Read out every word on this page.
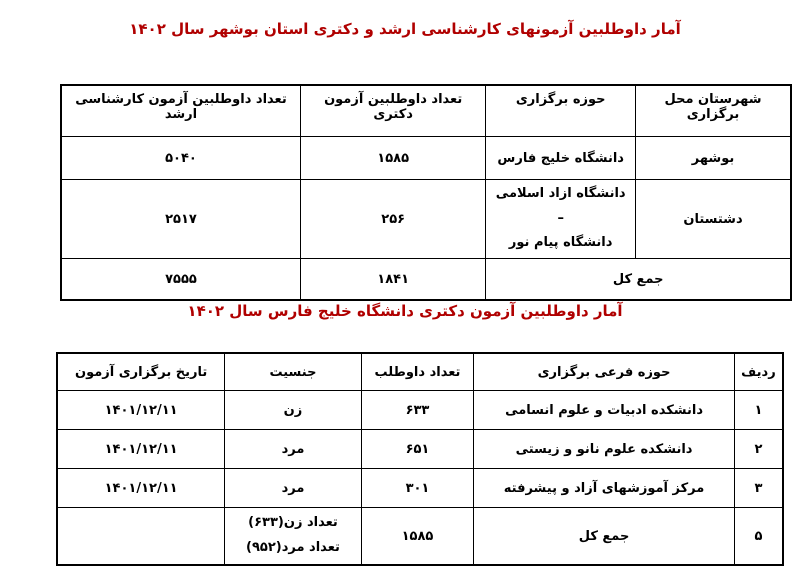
آمار داوطلبین آزمونهای کارشناسی ارشد و دکتری استان بوشهر سال ۱۴۰۲
شهرستان محل برگزاری	حوزه برگزاری	تعداد داوطلبین آزمون دکتری	تعداد داوطلبین آزمون کارشناسی ارشد
بوشهر	دانشگاه خلیج فارس	۱۵۸۵	۵۰۴۰
دشتستان	دانشگاه ازاد اسلامی –
دانشگاه پیام نور	۲۵۶	۲۵۱۷
جمع کل		۱۸۴۱	۷۵۵۵
آمار داوطلبین آزمون دکتری دانشگاه خلیج فارس سال ۱۴۰۲
ردیف	حوزه فرعی برگزاری	تعداد داوطلب	جنسیت	تاریخ برگزاری آزمون
۱	دانشکده ادبیات و علوم انسامی	۶۳۳	زن	۱۴۰۱/۱۲/۱۱
۲	دانشکده علوم نانو و زیستی	۶۵۱	مرد	۱۴۰۱/۱۲/۱۱
۳	مرکز آموزشهای آزاد و پیشرفته	۳۰۱	مرد	۱۴۰۱/۱۲/۱۱
۵	جمع کل	۱۵۸۵	تعداد زن(۶۳۳)
تعداد مرد(۹۵۲)	
